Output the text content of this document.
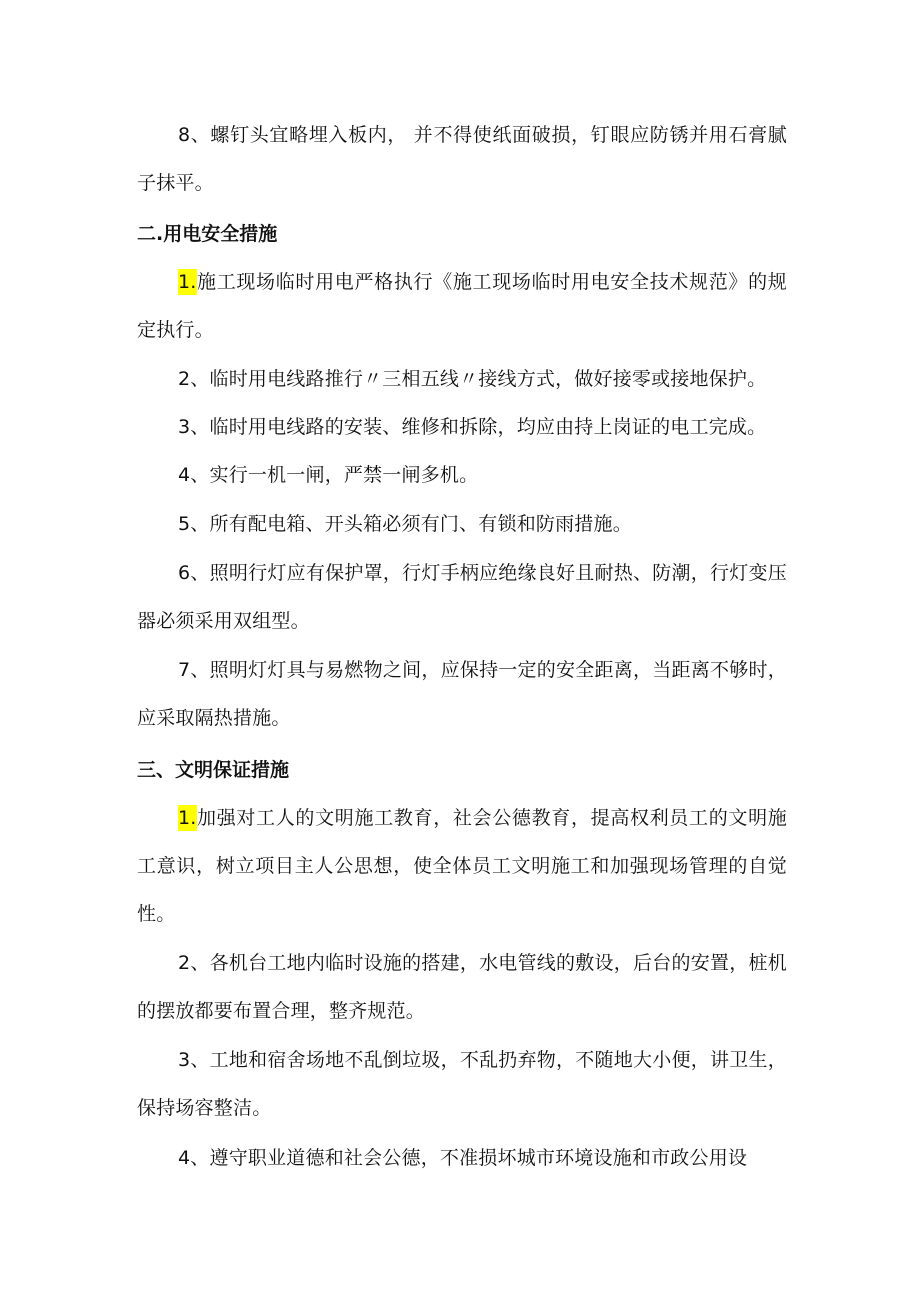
8、螺钉头宜略埋入板内， 并不得使纸面破损，钉眼应防锈并用石膏腻子抹平。

二.用电安全措施

1.施工现场临时用电严格执行《施工现场临时用电安全技术规范》的规定执行。

2、临时用电线路推行〃三相五线〃接线方式，做好接零或接地保护。

3、临时用电线路的安装、维修和拆除，均应由持上岗证的电工完成。

4、实行一机一闸，严禁一闸多机。

5、所有配电箱、开头箱必须有门、有锁和防雨措施。

6、照明行灯应有保护罩，行灯手柄应绝缘良好且耐热、防潮，行灯变压器必须采用双组型。

7、照明灯灯具与易燃物之间，应保持一定的安全距离，当距离不够时，应采取隔热措施。

三、文明保证措施

1.加强对工人的文明施工教育，社会公德教育，提高权利员工的文明施工意识，树立项目主人公思想，使全体员工文明施工和加强现场管理的自觉性。

2、各机台工地内临时设施的搭建，水电管线的敷设，后台的安置，桩机的摆放都要布置合理，整齐规范。

3、工地和宿舍场地不乱倒垃圾，不乱扔弃物，不随地大小便，讲卫生，保持场容整洁。

4、遵守职业道德和社会公德，不准损坏城市环境设施和市政公用设
